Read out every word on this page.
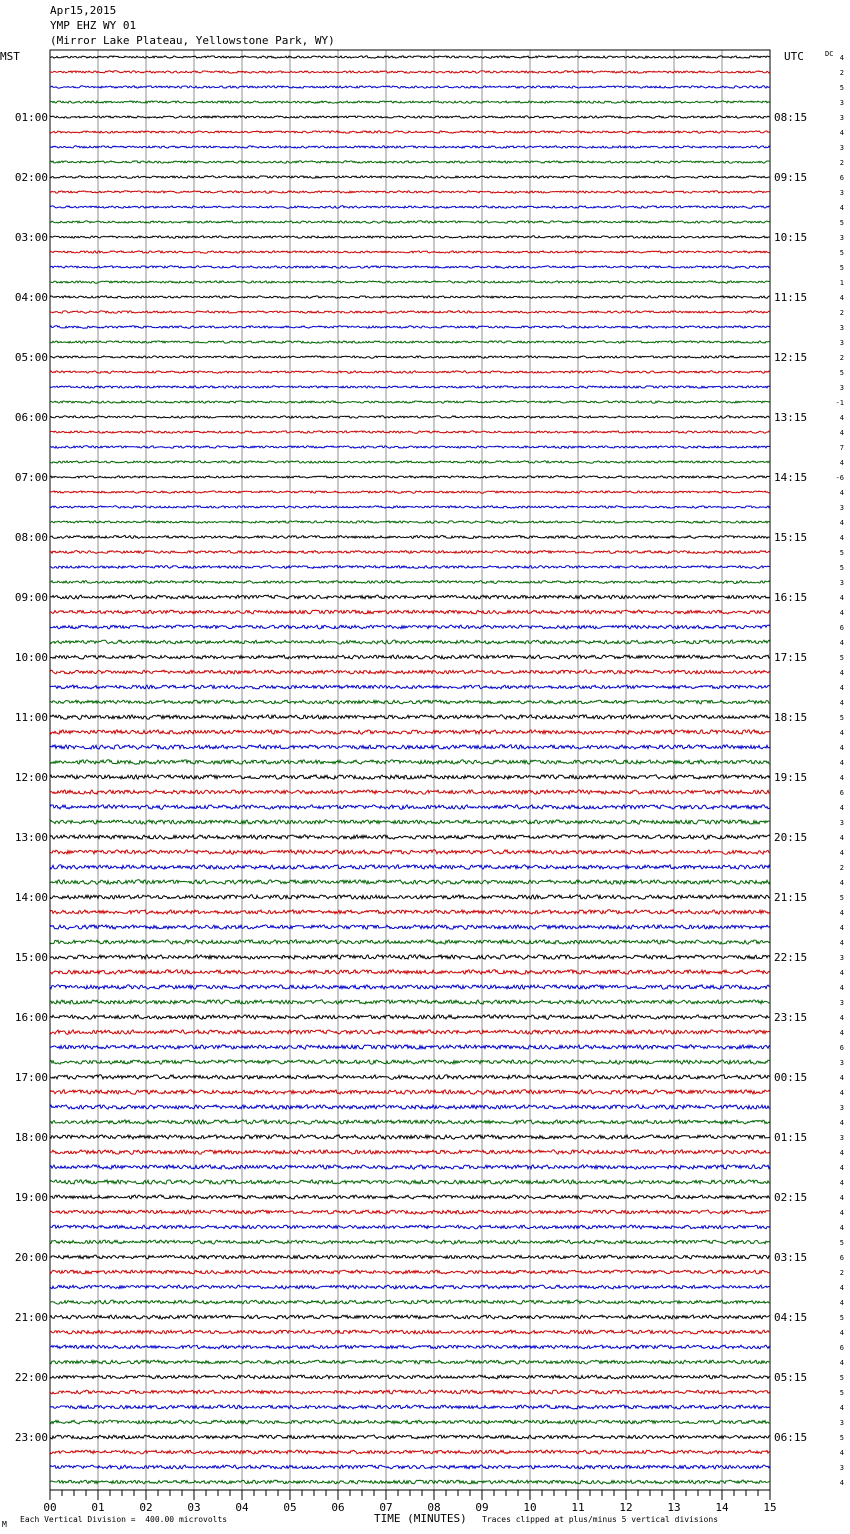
Apr15,2015
YMP EHZ WY 01
(Mirror Lake Plateau, Yellowstone Park, WY)
MST	UTC	DC
01:00
02:00
03:00
04:00
05:00
06:00
07:00
08:00
09:00
10:00
11:00
12:00
13:00
14:00
15:00
16:00
17:00
18:00
19:00
20:00
21:00
22:00
23:00
08:15
09:15
10:15
11:15
12:15
13:15
14:15
15:15
16:15
17:15
18:15
19:15
20:15
21:15
22:15
23:15
00:15
01:15
02:15
03:15
04:15
05:15
06:15
4
2
5
3
3
4
3
2
6
3
4
5
3
5
5
1
4
2
3
3
2
5
3
-1
4
4
7
4
-6
4
3
4
4
5
5
3
4
4
6
4
5
4
4
4
5
4
4
4
4
6
4
3
4
4
2
4
5
4
4
4
3
4
4
3
4
4
6
3
4
4
3
4
3
4
4
4
4
4
4
5
6
2
4
4
5
4
6
4
5
5
4
3
5
4
3
4
00	01	02	03	04	05	06	07	08	09	10	11	12	13	14	15
TIME (MINUTES)
M
Each Vertical Division =  400.00 microvolts	Traces clipped at plus/minus 5 vertical divisions
